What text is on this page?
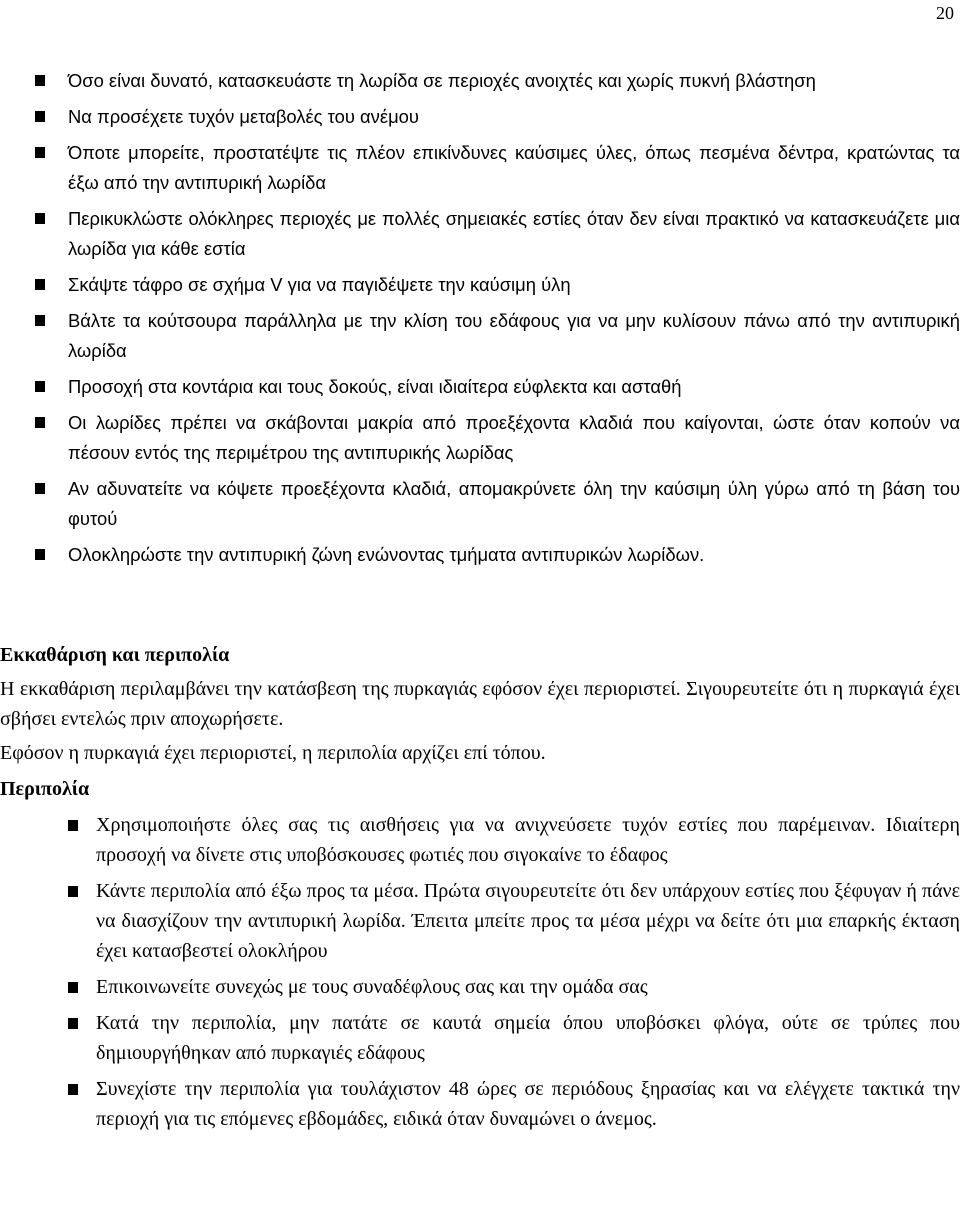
20
Όσο είναι δυνατό, κατασκευάστε τη λωρίδα σε περιοχές ανοιχτές και χωρίς πυκνή βλάστηση
Να προσέχετε τυχόν μεταβολές του ανέμου
Όποτε μπορείτε, προστατέψτε τις πλέον επικίνδυνες καύσιμες ύλες, όπως πεσμένα δέντρα, κρατώντας τα έξω από την αντιπυρική λωρίδα
Περικυκλώστε ολόκληρες περιοχές με πολλές σημειακές εστίες όταν δεν είναι πρακτικό να κατασκευάζετε μια λωρίδα για κάθε εστία
Σκάψτε τάφρο σε σχήμα V για να παγιδέψετε την καύσιμη ύλη
Βάλτε τα κούτσουρα παράλληλα με την κλίση του εδάφους για να μην κυλίσουν πάνω από την αντιπυρική λωρίδα
Προσοχή στα κοντάρια και τους δοκούς, είναι ιδιαίτερα εύφλεκτα και ασταθή
Οι λωρίδες πρέπει να σκάβονται μακρία από προεξέχοντα κλαδιά που καίγονται, ώστε όταν κοπούν να πέσουν εντός της περιμέτρου της αντιπυρικής λωρίδας
Αν αδυνατείτε να κόψετε προεξέχοντα κλαδιά, απομακρύνετε όλη την καύσιμη ύλη γύρω από τη βάση του φυτού
Ολοκληρώστε την αντιπυρική ζώνη ενώνοντας τμήματα αντιπυρικών λωρίδων.
Εκκαθάριση και περιπολία

Η εκκαθάριση περιλαμβάνει την κατάσβεση της πυρκαγιάς εφόσον έχει περιοριστεί. Σιγουρευτείτε ότι η πυρκαγιά έχει σβήσει εντελώς πριν αποχωρήσετε.

Εφόσον η πυρκαγιά έχει περιοριστεί, η περιπολία αρχίζει επί τόπου.

Περιπολία
Χρησιμοποιήστε όλες σας τις αισθήσεις για να ανιχνεύσετε τυχόν εστίες που παρέμειναν. Ιδιαίτερη προσοχή να δίνετε στις υποβόσκουσες φωτιές που σιγοκαίνε το έδαφος
Κάντε περιπολία από έξω προς τα μέσα. Πρώτα σιγουρευτείτε ότι δεν υπάρχουν εστίες που ξέφυγαν ή πάνε να διασχίζουν την αντιπυρική λωρίδα. Έπειτα μπείτε προς τα μέσα μέχρι να δείτε ότι μια επαρκής έκταση έχει κατασβεστεί ολοκλήρου
Επικοινωνείτε συνεχώς με τους συναδέφλους σας και την ομάδα σας
Κατά την περιπολία, μην πατάτε σε καυτά σημεία όπου υποβόσκει φλόγα, ούτε σε τρύπες που δημιουργήθηκαν από πυρκαγιές εδάφους
Συνεχίστε την περιπολία για τουλάχιστον 48 ώρες σε περιόδους ξηρασίας και να ελέγχετε τακτικά την περιοχή για τις επόμενες εβδομάδες, ειδικά όταν δυναμώνει ο άνεμος.
